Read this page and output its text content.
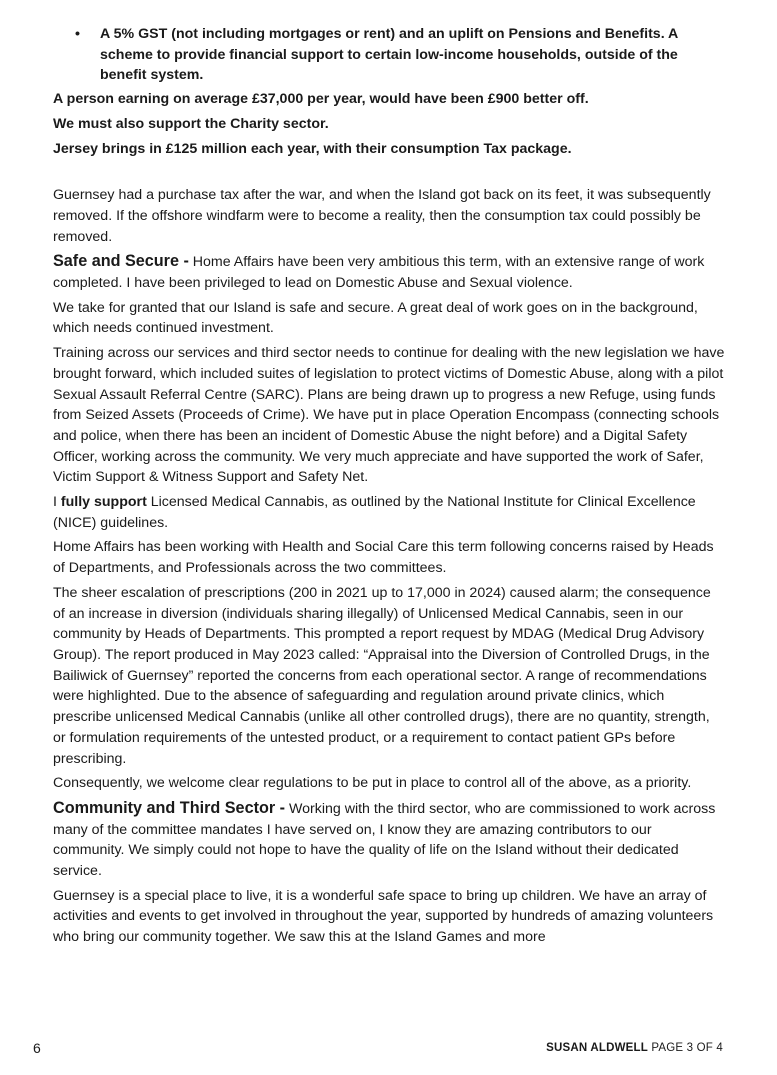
• A 5% GST (not including mortgages or rent) and an uplift on Pensions and Benefits. A scheme to provide financial support to certain low-income households, outside of the benefit system.
A person earning on average £37,000 per year, would have been £900 better off.
We must also support the Charity sector.
Jersey brings in £125 million each year, with their consumption Tax package.

Guernsey had a purchase tax after the war, and when the Island got back on its feet, it was subsequently removed. If the offshore windfarm were to become a reality, then the consumption tax could possibly be removed.

Safe and Secure - Home Affairs have been very ambitious this term, with an extensive range of work completed. I have been privileged to lead on Domestic Abuse and Sexual violence.

We take for granted that our Island is safe and secure. A great deal of work goes on in the background, which needs continued investment.

Training across our services and third sector needs to continue for dealing with the new legislation we have brought forward, which included suites of legislation to protect victims of Domestic Abuse, along with a pilot Sexual Assault Referral Centre (SARC). Plans are being drawn up to progress a new Refuge, using funds from Seized Assets (Proceeds of Crime). We have put in place Operation Encompass (connecting schools and police, when there has been an incident of Domestic Abuse the night before) and a Digital Safety Officer, working across the community. We very much appreciate and have supported the work of Safer, Victim Support & Witness Support and Safety Net.

I fully support Licensed Medical Cannabis, as outlined by the National Institute for Clinical Excellence (NICE) guidelines.

Home Affairs has been working with Health and Social Care this term following concerns raised by Heads of Departments, and Professionals across the two committees.

The sheer escalation of prescriptions (200 in 2021 up to 17,000 in 2024) caused alarm; the consequence of an increase in diversion (individuals sharing illegally) of Unlicensed Medical Cannabis, seen in our community by Heads of Departments. This prompted a report request by MDAG (Medical Drug Advisory Group). The report produced in May 2023 called: “Appraisal into the Diversion of Controlled Drugs, in the Bailiwick of Guernsey” reported the concerns from each operational sector. A range of recommendations were highlighted. Due to the absence of safeguarding and regulation around private clinics, which prescribe unlicensed Medical Cannabis (unlike all other controlled drugs), there are no quantity, strength, or formulation requirements of the untested product, or a requirement to contact patient GPs before prescribing.

Consequently, we welcome clear regulations to be put in place to control all of the above, as a priority.

Community and Third Sector - Working with the third sector, who are commissioned to work across many of the committee mandates I have served on, I know they are amazing contributors to our community. We simply could not hope to have the quality of life on the Island without their dedicated service.

Guernsey is a special place to live, it is a wonderful safe space to bring up children. We have an array of activities and events to get involved in throughout the year, supported by hundreds of amazing volunteers who bring our community together. We saw this at the Island Games and more

6	SUSAN ALDWELL PAGE 3 OF 4
